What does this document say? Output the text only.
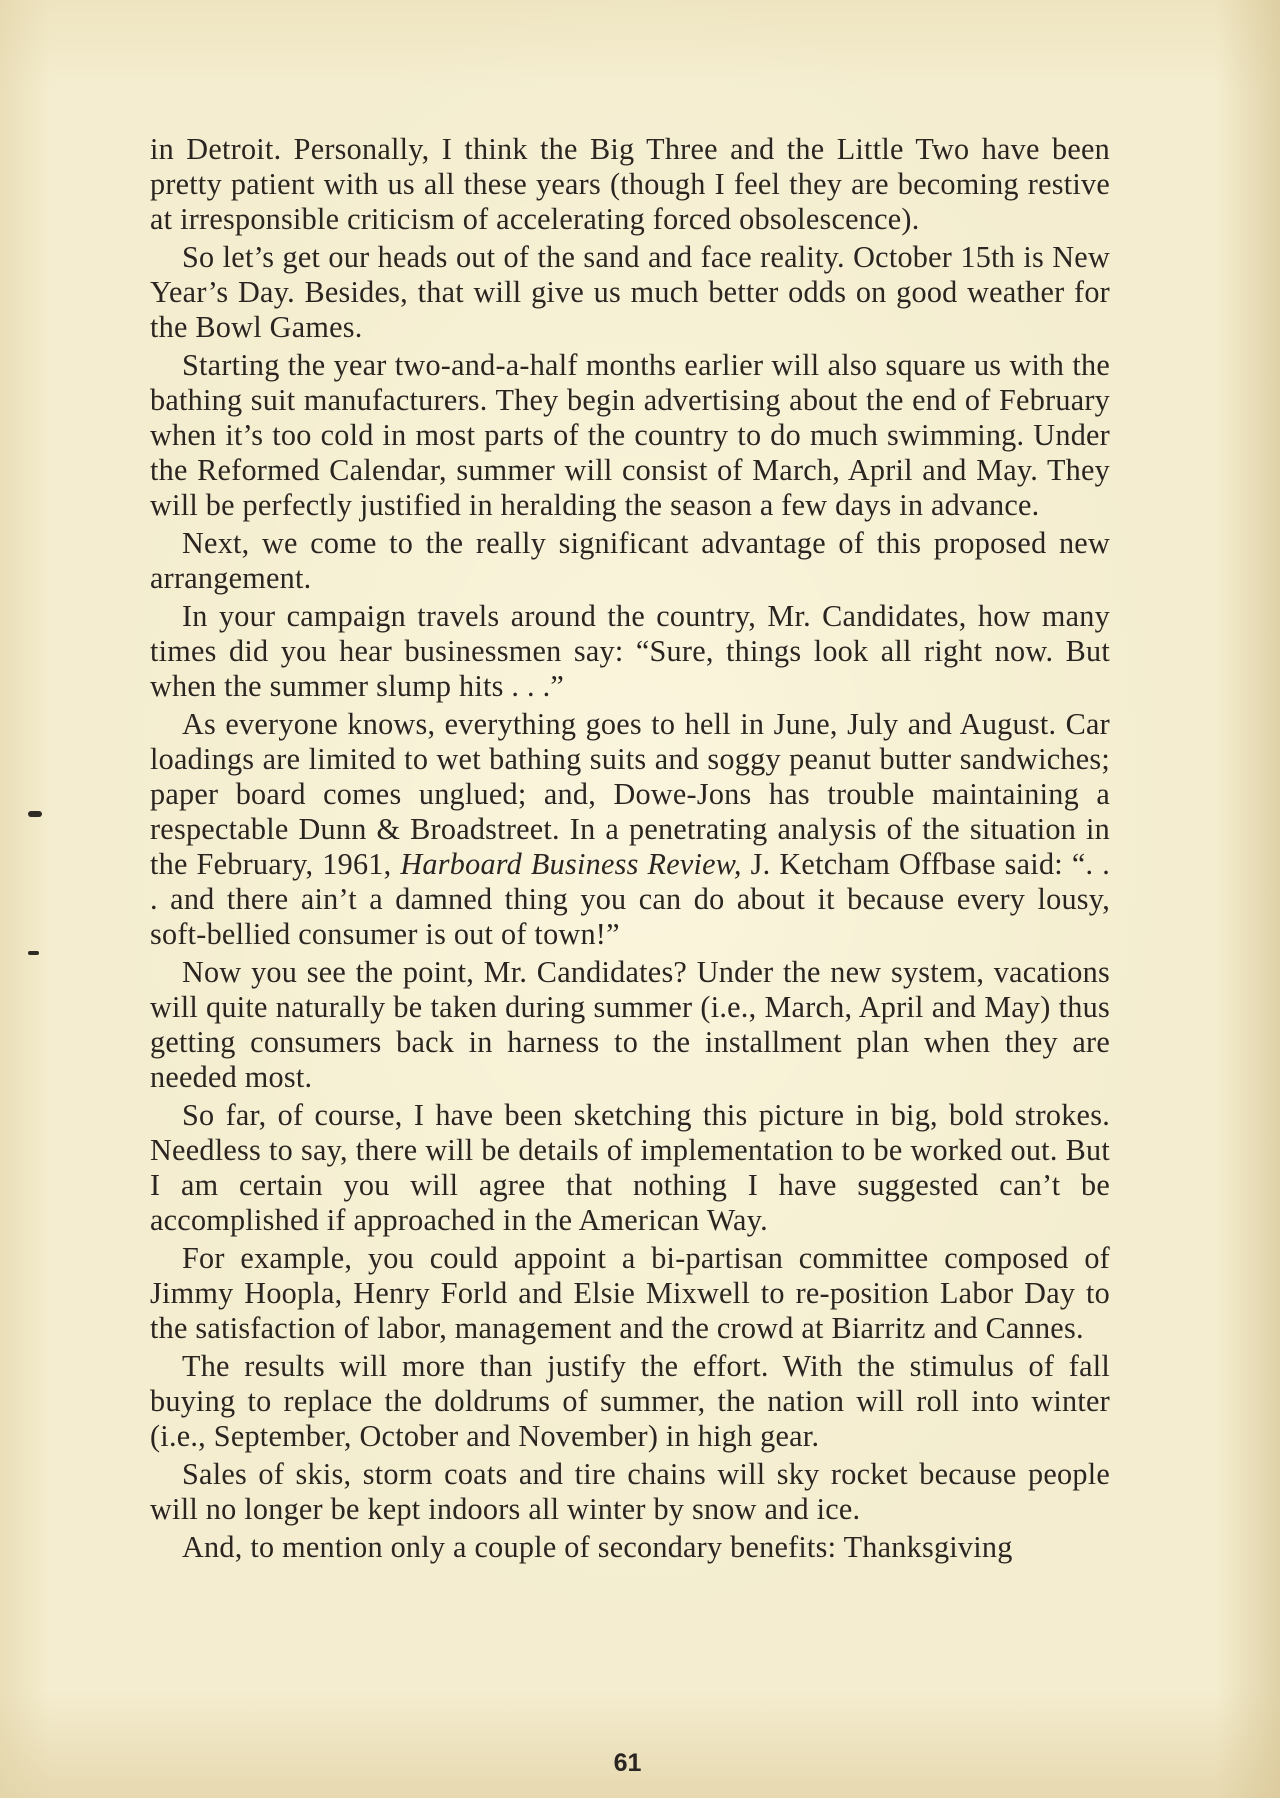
in Detroit. Personally, I think the Big Three and the Little Two have been pretty patient with us all these years (though I feel they are becoming restive at irresponsible criticism of accelerating forced obsolescence).

So let’s get our heads out of the sand and face reality. October 15th is New Year’s Day. Besides, that will give us much better odds on good weather for the Bowl Games.

Starting the year two-and-a-half months earlier will also square us with the bathing suit manufacturers. They begin advertising about the end of February when it’s too cold in most parts of the country to do much swimming. Under the Reformed Calendar, summer will consist of March, April and May. They will be perfectly justified in heralding the season a few days in advance.

Next, we come to the really significant advantage of this proposed new arrangement.

In your campaign travels around the country, Mr. Candidates, how many times did you hear businessmen say: “Sure, things look all right now. But when the summer slump hits . . .”

As everyone knows, everything goes to hell in June, July and August. Car loadings are limited to wet bathing suits and soggy peanut butter sandwiches; paper board comes unglued; and, Dowe-Jons has trouble maintaining a respectable Dunn & Broadstreet. In a penetrating analysis of the situation in the February, 1961, Harboard Business Review, J. Ketcham Offbase said: “. . . and there ain’t a damned thing you can do about it because every lousy, soft-bellied consumer is out of town!”

Now you see the point, Mr. Candidates? Under the new system, vacations will quite naturally be taken during summer (i.e., March, April and May) thus getting consumers back in harness to the installment plan when they are needed most.

So far, of course, I have been sketching this picture in big, bold strokes. Needless to say, there will be details of implementation to be worked out. But I am certain you will agree that nothing I have suggested can’t be accomplished if approached in the American Way.

For example, you could appoint a bi-partisan committee composed of Jimmy Hoopla, Henry Forld and Elsie Mixwell to re-position Labor Day to the satisfaction of labor, management and the crowd at Biarritz and Cannes.

The results will more than justify the effort. With the stimulus of fall buying to replace the doldrums of summer, the nation will roll into winter (i.e., September, October and November) in high gear.

Sales of skis, storm coats and tire chains will sky rocket because people will no longer be kept indoors all winter by snow and ice.

And, to mention only a couple of secondary benefits: Thanksgiving

61
